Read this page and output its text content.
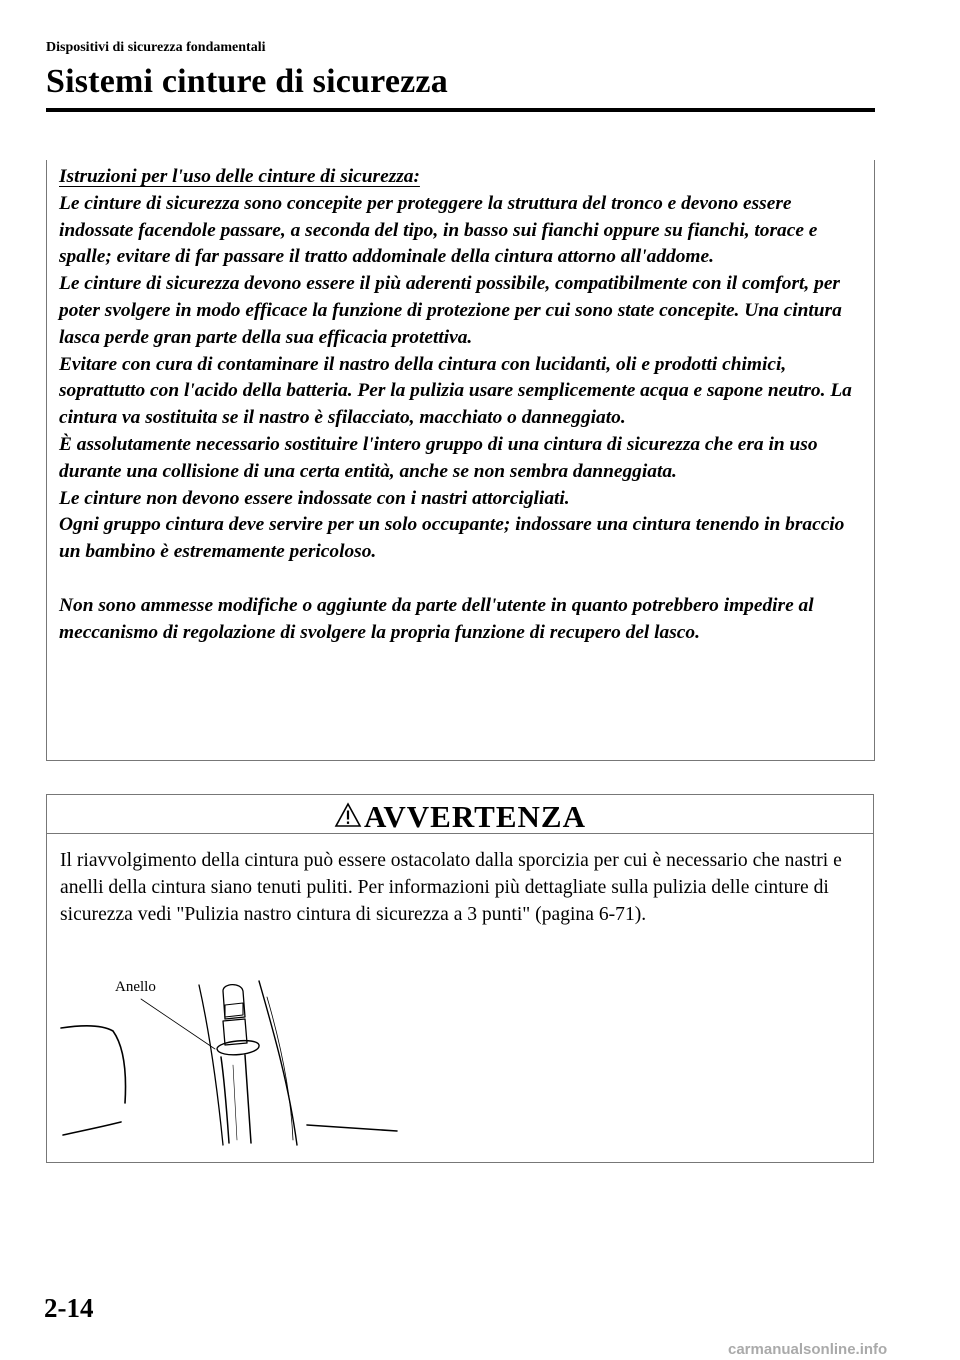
Dispositivi di sicurezza fondamentali
Sistemi cinture di sicurezza

Istruzioni per l'uso delle cinture di sicurezza:

Le cinture di sicurezza sono concepite per proteggere la struttura del tronco e devono essere indossate facendole passare, a seconda del tipo, in basso sui fianchi oppure su fianchi, torace e spalle; evitare di far passare il tratto addominale della cintura attorno all'addome.

Le cinture di sicurezza devono essere il più aderenti possibile, compatibilmente con il comfort, per poter svolgere in modo efficace la funzione di protezione per cui sono state concepite. Una cintura lasca perde gran parte della sua efficacia protettiva.

Evitare con cura di contaminare il nastro della cintura con lucidanti, oli e prodotti chimici, soprattutto con l'acido della batteria. Per la pulizia usare semplicemente acqua e sapone neutro. La cintura va sostituita se il nastro è sfilacciato, macchiato o danneggiato.

È assolutamente necessario sostituire l'intero gruppo di una cintura di sicurezza che era in uso durante una collisione di una certa entità, anche se non sembra danneggiata.

Le cinture non devono essere indossate con i nastri attorcigliati.

Ogni gruppo cintura deve servire per un solo occupante; indossare una cintura tenendo in braccio un bambino è estremamente pericoloso.

Non sono ammesse modifiche o aggiunte da parte dell'utente in quanto potrebbero impedire al meccanismo di regolazione di svolgere la propria funzione di recupero del lasco.

AVVERTENZA

Il riavvolgimento della cintura può essere ostacolato dalla sporcizia per cui è necessario che nastri e anelli della cintura siano tenuti puliti. Per informazioni più dettagliate sulla pulizia delle cinture di sicurezza vedi "Pulizia nastro cintura di sicurezza a 3 punti" (pagina 6-71).

Anello
2-14
carmanualsonline.info
